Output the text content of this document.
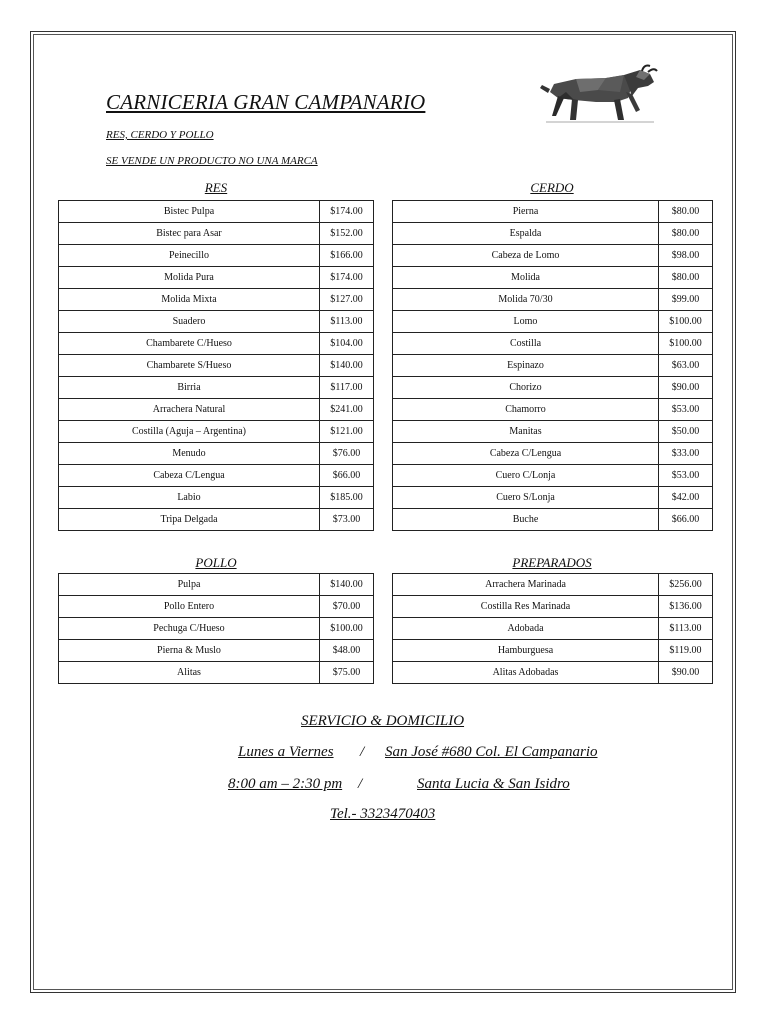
CARNICERIA GRAN CAMPANARIO
RES, CERDO Y POLLO
SE VENDE UN PRODUCTO NO UNA MARCA
RES	CERDO
POLLO	PREPARADOS
Bistec Pulpa	$174.00
Bistec para Asar	$152.00
Peinecillo	$166.00
Molida Pura	$174.00
Molida Mixta	$127.00
Suadero	$113.00
Chambarete C/Hueso	$104.00
Chambarete S/Hueso	$140.00
Birria	$117.00
Arrachera Natural	$241.00
Costilla (Aguja – Argentina)	$121.00
Menudo	$76.00
Cabeza C/Lengua	$66.00
Labio	$185.00
Tripa Delgada	$73.00
Pierna	$80.00
Espalda	$80.00
Cabeza de Lomo	$98.00
Molida	$80.00
Molida 70/30	$99.00
Lomo	$100.00
Costilla	$100.00
Espinazo	$63.00
Chorizo	$90.00
Chamorro	$53.00
Manitas	$50.00
Cabeza C/Lengua	$33.00
Cuero C/Lonja	$53.00
Cuero S/Lonja	$42.00
Buche	$66.00
Pulpa	$140.00
Pollo Entero	$70.00
Pechuga C/Hueso	$100.00
Pierna & Muslo	$48.00
Alitas	$75.00
Arrachera Marinada	$256.00
Costilla Res Marinada	$136.00
Adobada	$113.00
Hamburguesa	$119.00
Alitas Adobadas	$90.00
SERVICIO & DOMICILIO
Lunes a Viernes / San José #680 Col. El Campanario
8:00 am – 2:30 pm /	Santa Lucia & San Isidro
Tel.- 3323470403
